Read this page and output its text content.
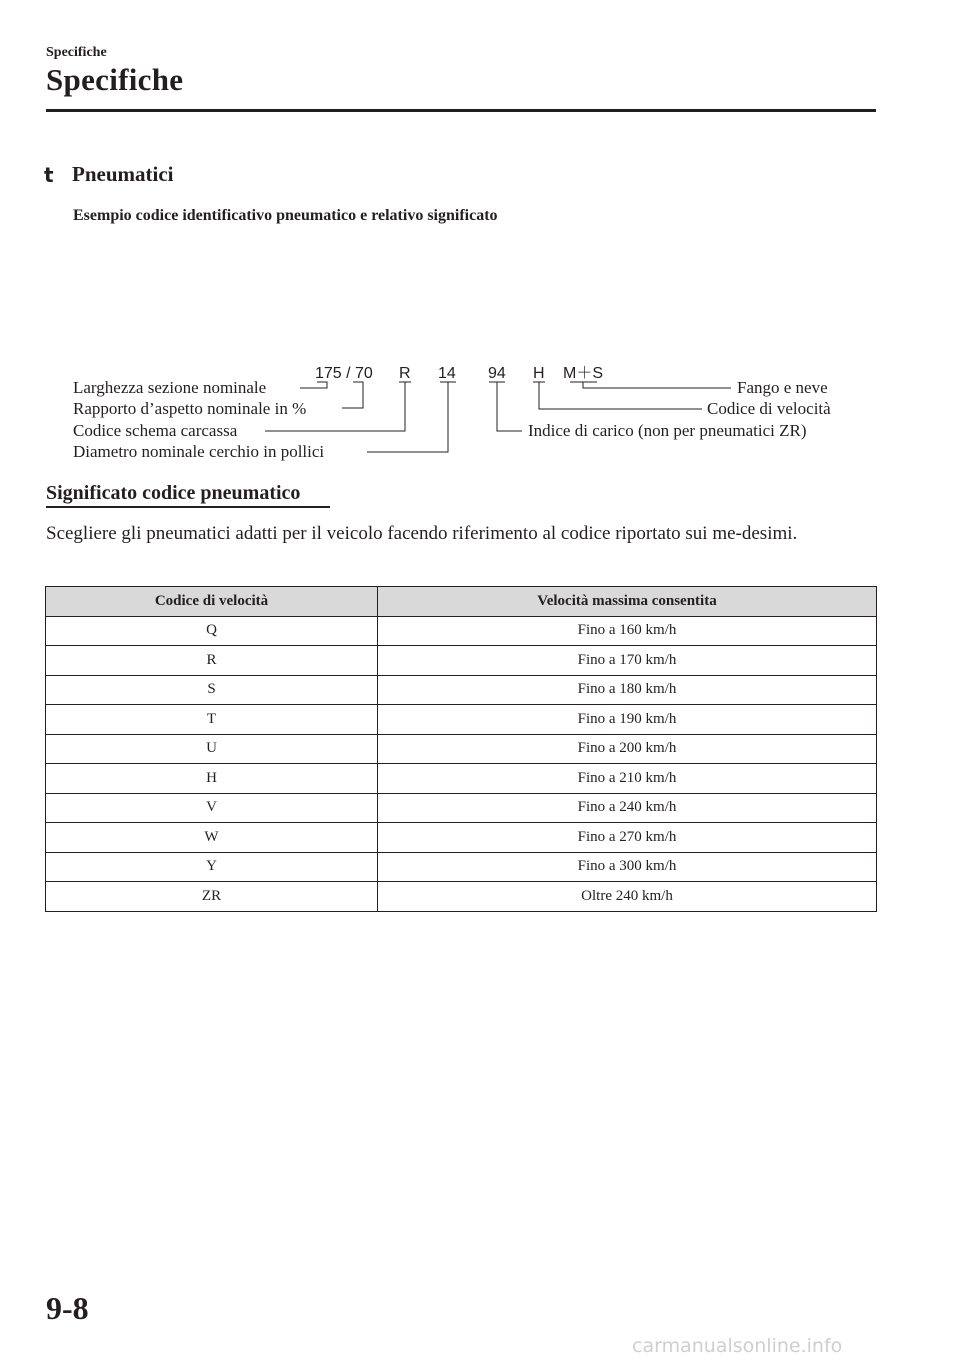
Specifiche
Specifiche
t Pneumatici
Esempio codice identificativo pneumatico e relativo significato
175 / 70 R 14 94 H M＋S
Larghezza sezione nominale
Rapporto d’aspetto nominale in %
Codice schema carcassa
Diametro nominale cerchio in pollici
Fango e neve
Codice di velocità
Indice di carico (non per pneumatici ZR)
Significato codice pneumatico
Scegliere gli pneumatici adatti per il veicolo facendo riferimento al codice riportato sui me-desimi.
Codice di velocità	Velocità massima consentita
Q	Fino a 160 km/h
R	Fino a 170 km/h
S	Fino a 180 km/h
T	Fino a 190 km/h
U	Fino a 200 km/h
H	Fino a 210 km/h
V	Fino a 240 km/h
W	Fino a 270 km/h
Y	Fino a 300 km/h
ZR	Oltre 240 km/h
9-8
carmanualsonline.info
